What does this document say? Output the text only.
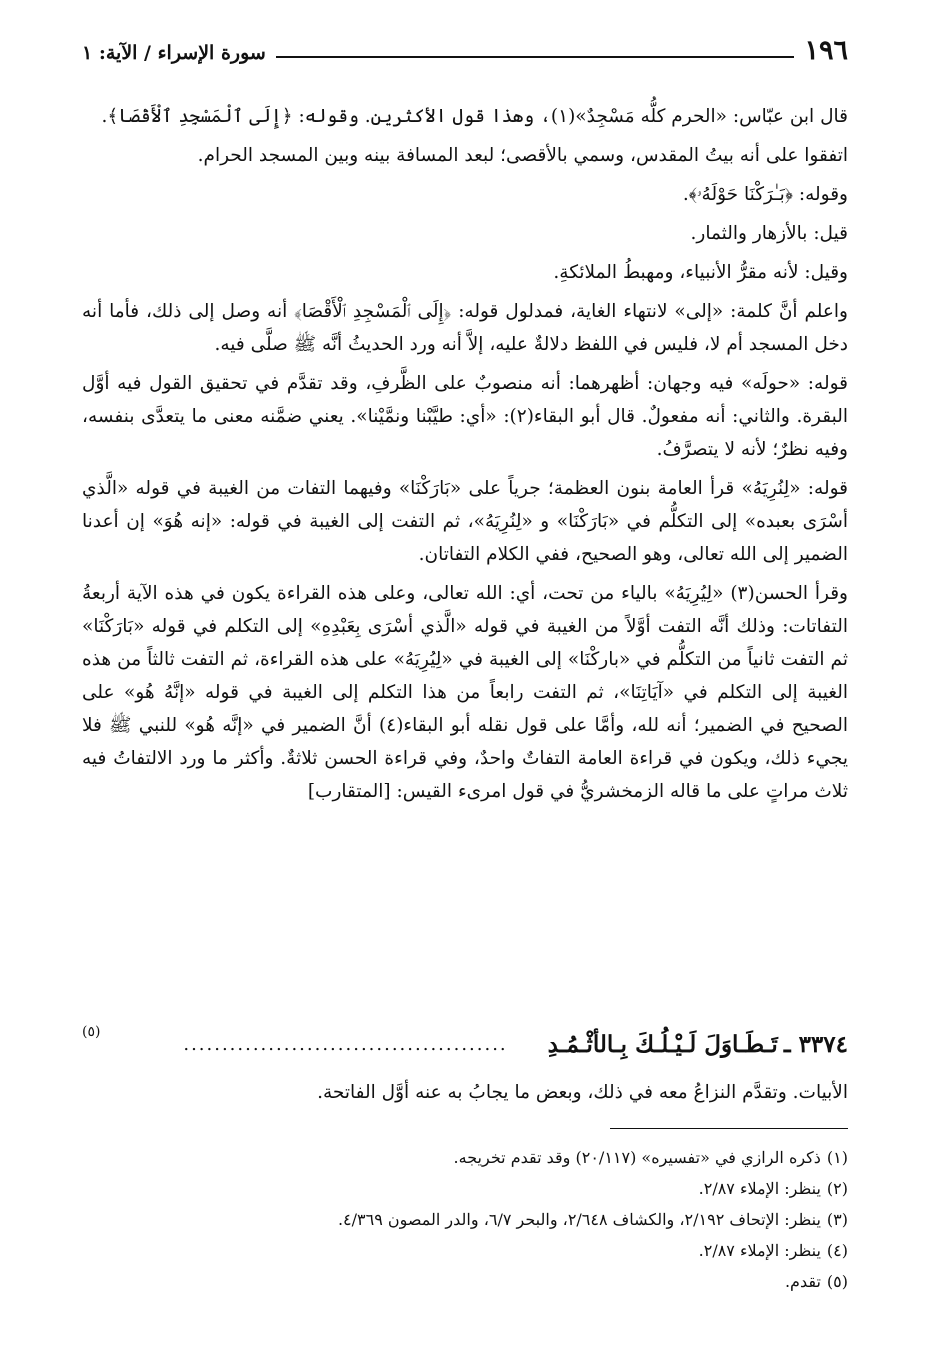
١٩٦
سورة الإسراء / الآية: ١

قال ابن عبّاس: «الحرم كلُّه مَسْجِدٌ»(١)، وهذا قول الأكثرين. وقوله: ﴿إِلَى ٱلْمَسْجِدِ ٱلْأَقْصَا﴾.

اتفقوا على أنه بيتُ المقدس، وسمي بالأقصى؛ لبعد المسافة بينه وبين المسجد الحرام.

وقوله: ﴿بَـٰرَكْنَا حَوْلَهُۥ﴾.

قيل: بالأزهار والثمار.

وقيل: لأنه مقرُّ الأنبياء، ومهبطُ الملائكةِ.

واعلم أنَّ كلمة: «إلى» لانتهاء الغاية، فمدلول قوله: ﴿إِلَى ٱلْمَسْجِدِ ٱلْأَقْصَا﴾ أنه وصل إلى ذلك، فأما أنه دخل المسجد أم لا، فليس في اللفظ دلالةٌ عليه، إلاَّ أنه ورد الحديثُ أنَّه ﷺ صلَّى فيه.

قوله: «حولَه» فيه وجهان: أظهرهما: أنه منصوبٌ على الظَّرفِ، وقد تقدَّم في تحقيق القول فيه أوَّل البقرة. والثاني: أنه مفعولٌ. قال أبو البقاء(٢): «أي: طيَّبْنا ونمَّيْنا». يعني ضمَّنه معنى ما يتعدَّى بنفسه، وفيه نظرٌ؛ لأنه لا يتصرَّفُ.

قوله: «لِنُرِيَهُ» قرأ العامة بنون العظمة؛ جرياً على «بَارَكْنَا» وفيهما التفات من الغيبة في قوله «الَّذي أسْرَى بعبده» إلى التكلُّم في «بَارَكْنَا» و «لِنُرِيَهُ»، ثم التفت إلى الغيبة في قوله: «إنه هُوَ» إن أعدنا الضمير إلى الله تعالى، وهو الصحيح، ففي الكلام التفاتان.

وقرأ الحسن(٣) «لِيُرِيَهُ» بالياء من تحت، أي: الله تعالى، وعلى هذه القراءة يكون في هذه الآية أربعةُ التفاتات: وذلك أنَّه التفت أوَّلاً من الغيبة في قوله «الَّذي أسْرَى بِعَبْدِهِ» إلى التكلم في قوله «بَارَكْنَا» ثم التفت ثانياً من التكلُّم في «باركْنَا» إلى الغيبة في «لِيُرِيَهُ» على هذه القراءة، ثم التفت ثالثاً من هذه الغيبة إلى التكلم في «آيَاتِنَا»، ثم التفت رابعاً من هذا التكلم إلى الغيبة في قوله «إنَّهُ هُو» على الصحيح في الضمير؛ أنه لله، وأمَّا على قول نقله أبو البقاء(٤) أنَّ الضمير في «إنَّه هُو» للنبي ﷺ فلا يجيء ذلك، ويكون في قراءة العامة التفاتٌ واحدٌ، وفي قراءة الحسن ثلاثةٌ. وأكثر ما ورد الالتفاتُ فيه ثلاث مراتٍ على ما قاله الزمخشريُّ في قول امرىء القيس: [المتقارب]

٣٣٧٤ ـ
تَـطَـاوَلَ لَـيْـلُـكَ بِـالأثْـمُـدِ
..........................................
(٥)
الأبيات. وتقدَّم النزاعُ معه في ذلك، وبعض ما يجابُ به عنه أوَّل الفاتحة.
(١)ذكره الرازي في «تفسيره» (٢٠/١١٧) وقد تقدم تخريجه.
(٢)ينظر: الإملاء ٢/٨٧.
(٣)ينظر: الإتحاف ٢/١٩٢، والكشاف ٢/٦٤٨، والبحر ٦/٧، والدر المصون ٤/٣٦٩.
(٤)ينظر: الإملاء ٢/٨٧.
(٥)تقدم.
